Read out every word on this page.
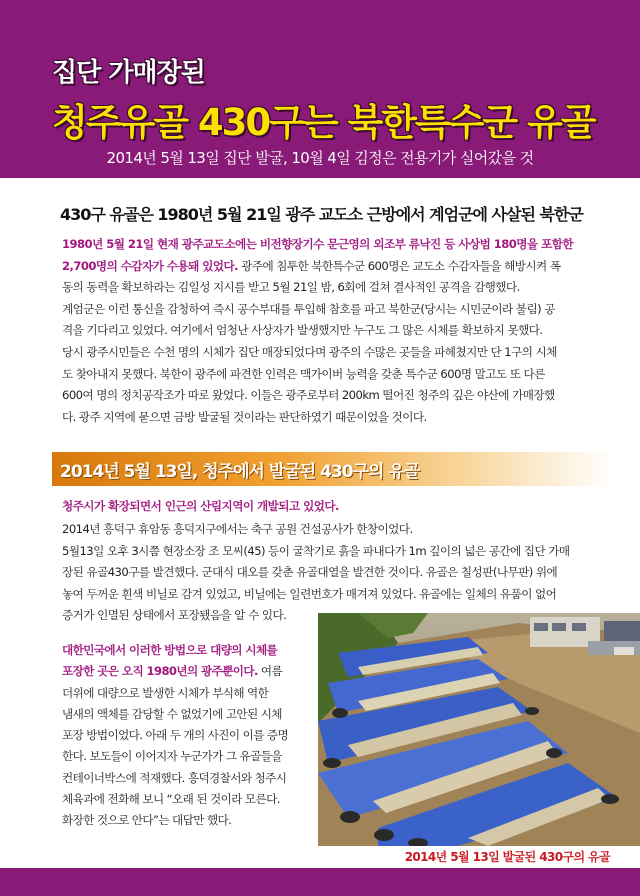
집단 가매장된
청주유골 430구는 북한특수군 유골
2014년 5월 13일 집단 발굴, 10월 4일 김정은 전용기가 실어갔을 것
430구 유골은 1980년 5월 21일 광주 교도소 근방에서 계엄군에 사살된 북한군
1980년 5월 21일 현재 광주교도소에는 비전향장기수 문근영의 외조부 류낙진 등 사상범 180명을 포함한
2,700명의 수감자가 수용돼 있었다. 광주에 침투한 북한특수군 600명은 교도소 수감자들을 해방시켜 폭
동의 동력을 확보하라는 김일성 지시를 받고 5월 21일 밤, 6회에 걸쳐 결사적인 공격을 감행했다.
계엄군은 이런 통신을 감청하여 즉시 공수부대를 투입해 참호를 파고 북한군(당시는 시민군이라 불림) 공
격을 기다리고 있었다. 여기에서 엄청난 사상자가 발생했지만 누구도 그 많은 시체를 확보하지 못했다.
당시 광주시민들은 수천 명의 시체가 집단 매장되었다며 광주의 수많은 곳들을 파헤쳤지만 단 1구의 시체
도 찾아내지 못했다. 북한이 광주에 파견한 인력은 맥가이버 능력을 갖춘 특수군 600명 말고도 또 다른
600여 명의 정치공작조가 따로 왔었다. 이들은 광주로부터 200km 떨어진 청주의 깊은 야산에 가매장했
다. 광주 지역에 묻으면 금방 발굴될 것이라는 판단하였기 때문이었을 것이다.
2014년 5월 13일, 청주에서 발굴된 430구의 유골
청주시가 확장되면서 인근의 산림지역이 개발되고 있었다.
2014년 흥덕구 휴암동 흥덕지구에서는 축구 공원 건설공사가 한창이었다.
5월13일 오후 3시쯤 현장소장 조 모씨(45) 등이 굴착기로 흙을 파내다가 1m 깊이의 넓은 공간에 집단 가매
장된 유골430구를 발견했다. 군대식 대오를 갖춘 유골대열을 발견한 것이다. 유골은 칠성판(나무판) 위에
놓여 두꺼운 흰색 비닐로 감겨 있었고, 비닐에는 일련번호가 매겨져 있었다. 유골에는 일체의 유품이 없어
증거가 인멸된 상태에서 포장됐음을 알 수 있다.
대한민국에서 이러한 방법으로 대량의 시체를
포장한 곳은 오직 1980년의 광주뿐이다. 여름
더위에 대량으로 발생한 시체가 부식해 역한
냄새의 액체를 감당할 수 없었기에 고안된 시체
포장 방법이었다. 아래 두 개의 사진이 이를 증명
한다. 보도들이 이어지자 누군가가 그 유골들을
컨테이너박스에 적재했다. 흥덕경찰서와 청주시
체육과에 전화해 보니 “오래 된 것이라 모른다.
화장한 것으로 안다”는 대답만 했다.
2014년 5월 13일 발굴된 430구의 유골
